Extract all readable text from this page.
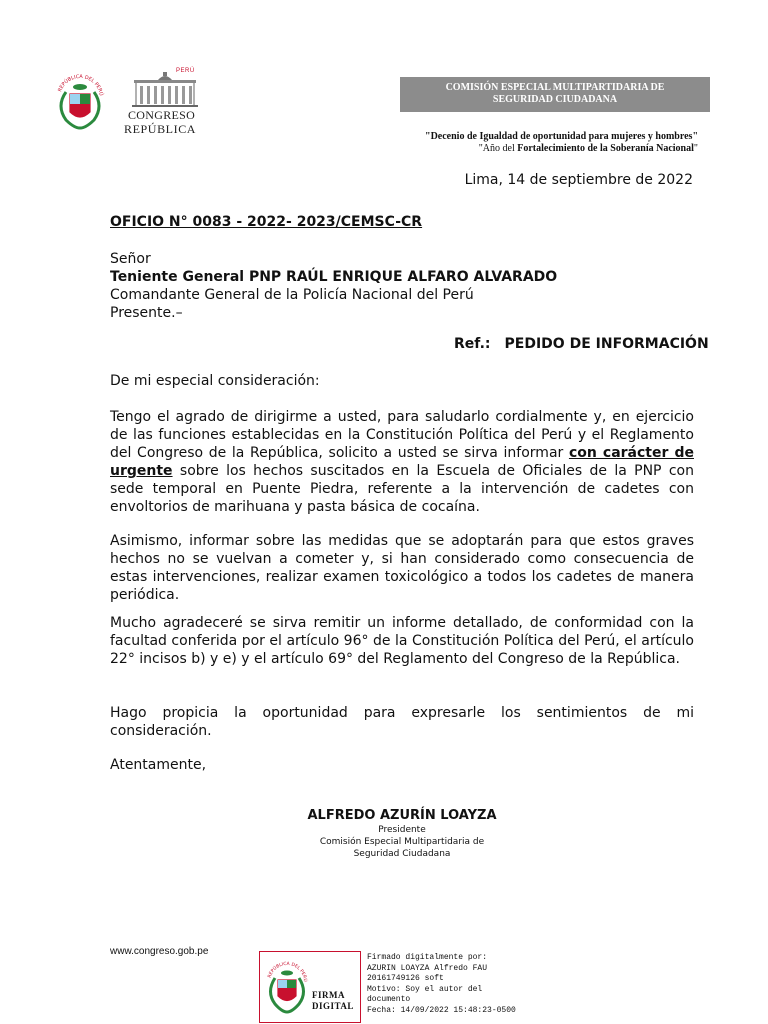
REPÚBLICA DEL PERÚ
PERÚ
CONGRESO
REPÚBLICA
COMISIÓN ESPECIAL MULTIPARTIDARIA DE
SEGURIDAD CIUDADANA
"Decenio de Igualdad de oportunidad para mujeres y hombres"
"Año del Fortalecimiento de la Soberanía Nacional"
Lima, 14 de septiembre de 2022
OFICIO N° 0083 - 2022- 2023/CEMSC-CR
Señor
Teniente General PNP RAÚL ENRIQUE ALFARO ALVARADO
Comandante General de la Policía Nacional del Perú
Presente.–
Ref.: PEDIDO DE INFORMACIÓN
De mi especial consideración:
Tengo el agrado de dirigirme a usted, para saludarlo cordialmente y, en ejercicio de las funciones establecidas en la Constitución Política del Perú y el Reglamento del Congreso de la República, solicito a usted se sirva informar con carácter de urgente sobre los hechos suscitados en la Escuela de Oficiales de la PNP con sede temporal en Puente Piedra, referente a la intervención de cadetes con envoltorios de marihuana y pasta básica de cocaína.
Asimismo, informar sobre las medidas que se adoptarán para que estos graves hechos no se vuelvan a cometer y, si han considerado como consecuencia de estas intervenciones, realizar examen toxicológico a todos los cadetes de manera periódica.
Mucho agradeceré se sirva remitir un informe detallado, de conformidad con la facultad conferida por el artículo 96° de la Constitución Política del Perú, el artículo 22° incisos b) y e) y el artículo 69° del Reglamento del Congreso de la República.
Hago propicia la oportunidad para expresarle los sentimientos de mi consideración.
Atentamente,
ALFREDO AZURÍN LOAYZA
Presidente
Comisión Especial Multipartidaria de
Seguridad Ciudadana
www.congreso.gob.pe
REPÚBLICA DEL PERÚ
FIRMA
DIGITAL
Firmado digitalmente por:
AZURIN LOAYZA Alfredo FAU
20161749126 soft
Motivo: Soy el autor del
documento
Fecha: 14/09/2022 15:48:23-0500
